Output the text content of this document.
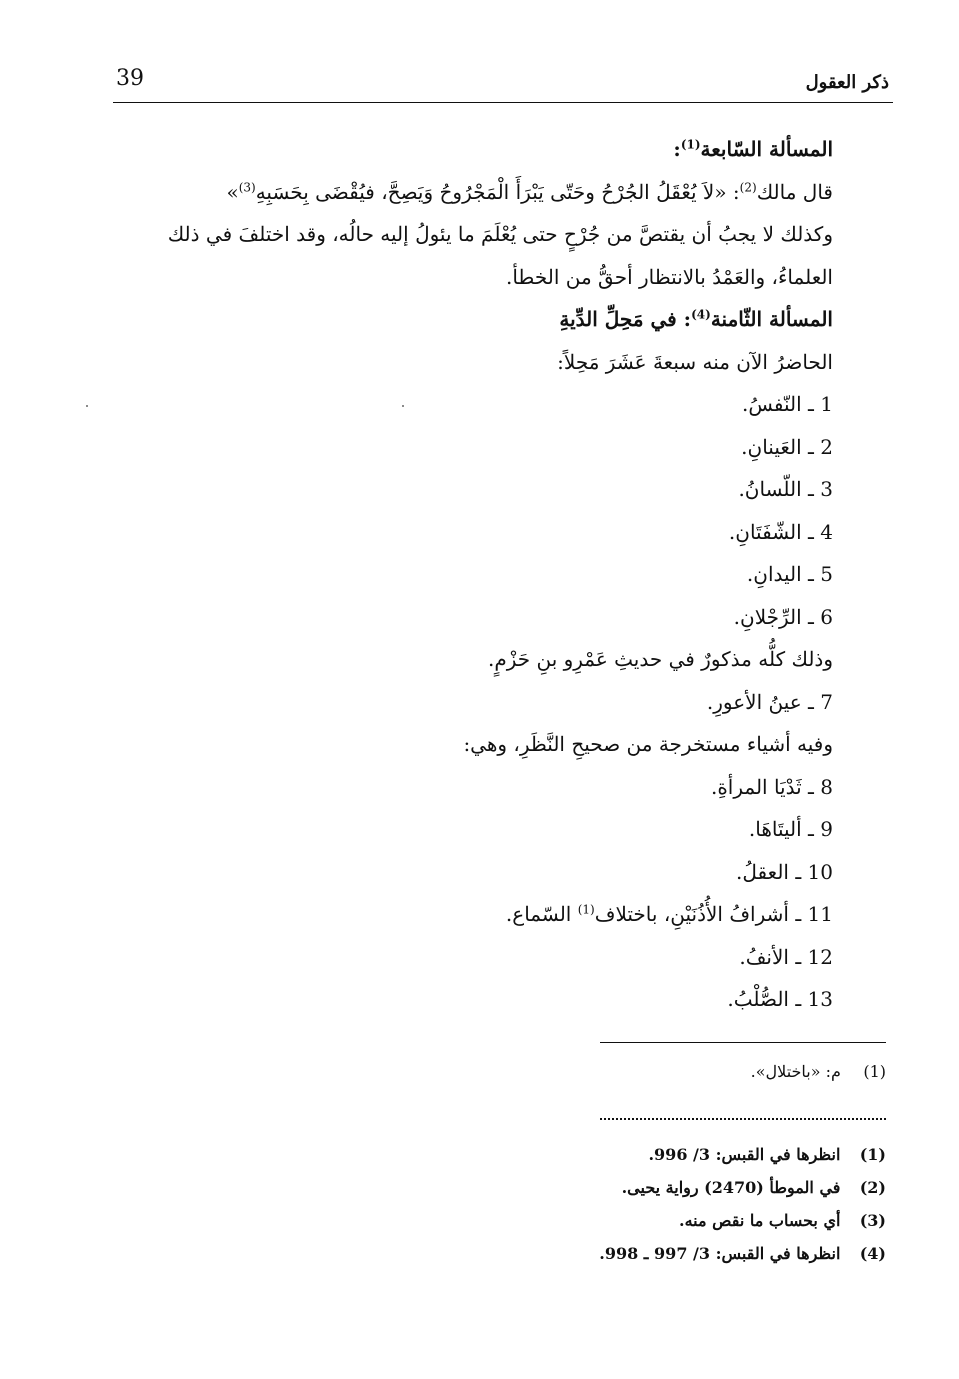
39	ذكر العقول

المسألة السّابعة$^{(1)}$:

قال مالك$^{(2)}$: «لاَ يُعْقَلُ الجُرْحُ وحَتّى يَبْرَأَ الْمَجْرُوحُ وَيَصِحَّ، فيُقْضَى بِحَسَبِهِ$^{(3)}$»

وكذلك لا يجبُ أن يقتصَّ من جُرْحٍ حتى يُعْلَمَ ما يئولُ إليه حالُه، وقد اختلفَ في ذلك

العلماءُ، والعَمْدُ بالانتظار أحقُّ من الخطأ.

المسألة الثّامنة$^{(4)}$: في مَحِلِّ الدِّيةِ

الحاضرُ الآن منه سبعةَ عَشَرَ مَحِلاً:

1 ـ النّفسُ.

2 ـ العَينانِ.

3 ـ اللّسانُ.

4 ـ الشّفَتَانِ.

5 ـ اليدانِ.

6 ـ الرِّجْلانِ.

وذلك كلُّه مذكورٌ في حديثِ عَمْرِو بنِ حَزْمٍ.

7 ـ عينُ الأعورِ.

وفيه أشياء مستخرجة من صحيحِ النَّظَرِ، وهي:

8 ـ ثَدْيَا المرأةِ.

9 ـ أليتَاهَا.

10 ـ العقلُ.

11 ـ أشرافُ الأُذُنَيْنِ، باختلاف$^{(1)}$ السّماع.

12 ـ الأنفُ.

13 ـ الصُّلْبُ.

(1) م: «باختلال».

(1) انظرها في القبس: 3/ 996.

(2) في الموطأ (2470) رواية يحيى.

(3) أي بحساب ما نقص منه.

(4) انظرها في القبس: 3/ 997 ـ 998.
